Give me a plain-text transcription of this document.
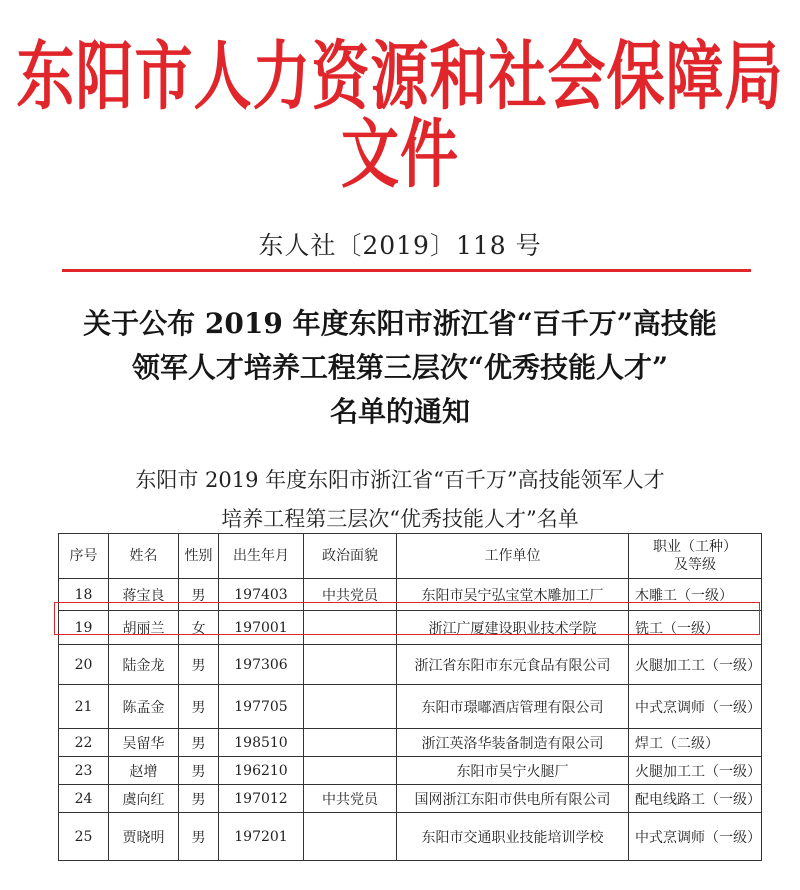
东阳市人力资源和社会保障局文件
东人社〔2019〕118 号
关于公布 2019 年度东阳市浙江省“百千万”高技能
领军人才培养工程第三层次“优秀技能人才”
名单的通知
东阳市 2019 年度东阳市浙江省“百千万”高技能领军人才
培养工程第三层次“优秀技能人才”名单
序号	姓名	性别	出生年月	政治面貌	工作单位	职业（工种）
及等级

18	蒋宝良	男	197403	中共党员	东阳市吴宁弘宝堂木雕加工厂	木雕工（一级）
19	胡丽兰	女	197001		浙江广厦建设职业技术学院	铣工（一级）
20	陆金龙	男	197306		浙江省东阳市东元食品有限公司	火腿加工工（一级）
21	陈孟金	男	197705		东阳市璟嘟酒店管理有限公司	中式烹调师（一级）
22	吴留华	男	198510		浙江英洛华装备制造有限公司	焊工（二级）
23	赵增	男	196210		东阳市吴宁火腿厂	火腿加工工（一级）
24	虞向红	男	197012	中共党员	国网浙江东阳市供电所有限公司	配电线路工（一级）
25	贾晓明	男	197201		东阳市交通职业技能培训学校	中式烹调师（一级）
